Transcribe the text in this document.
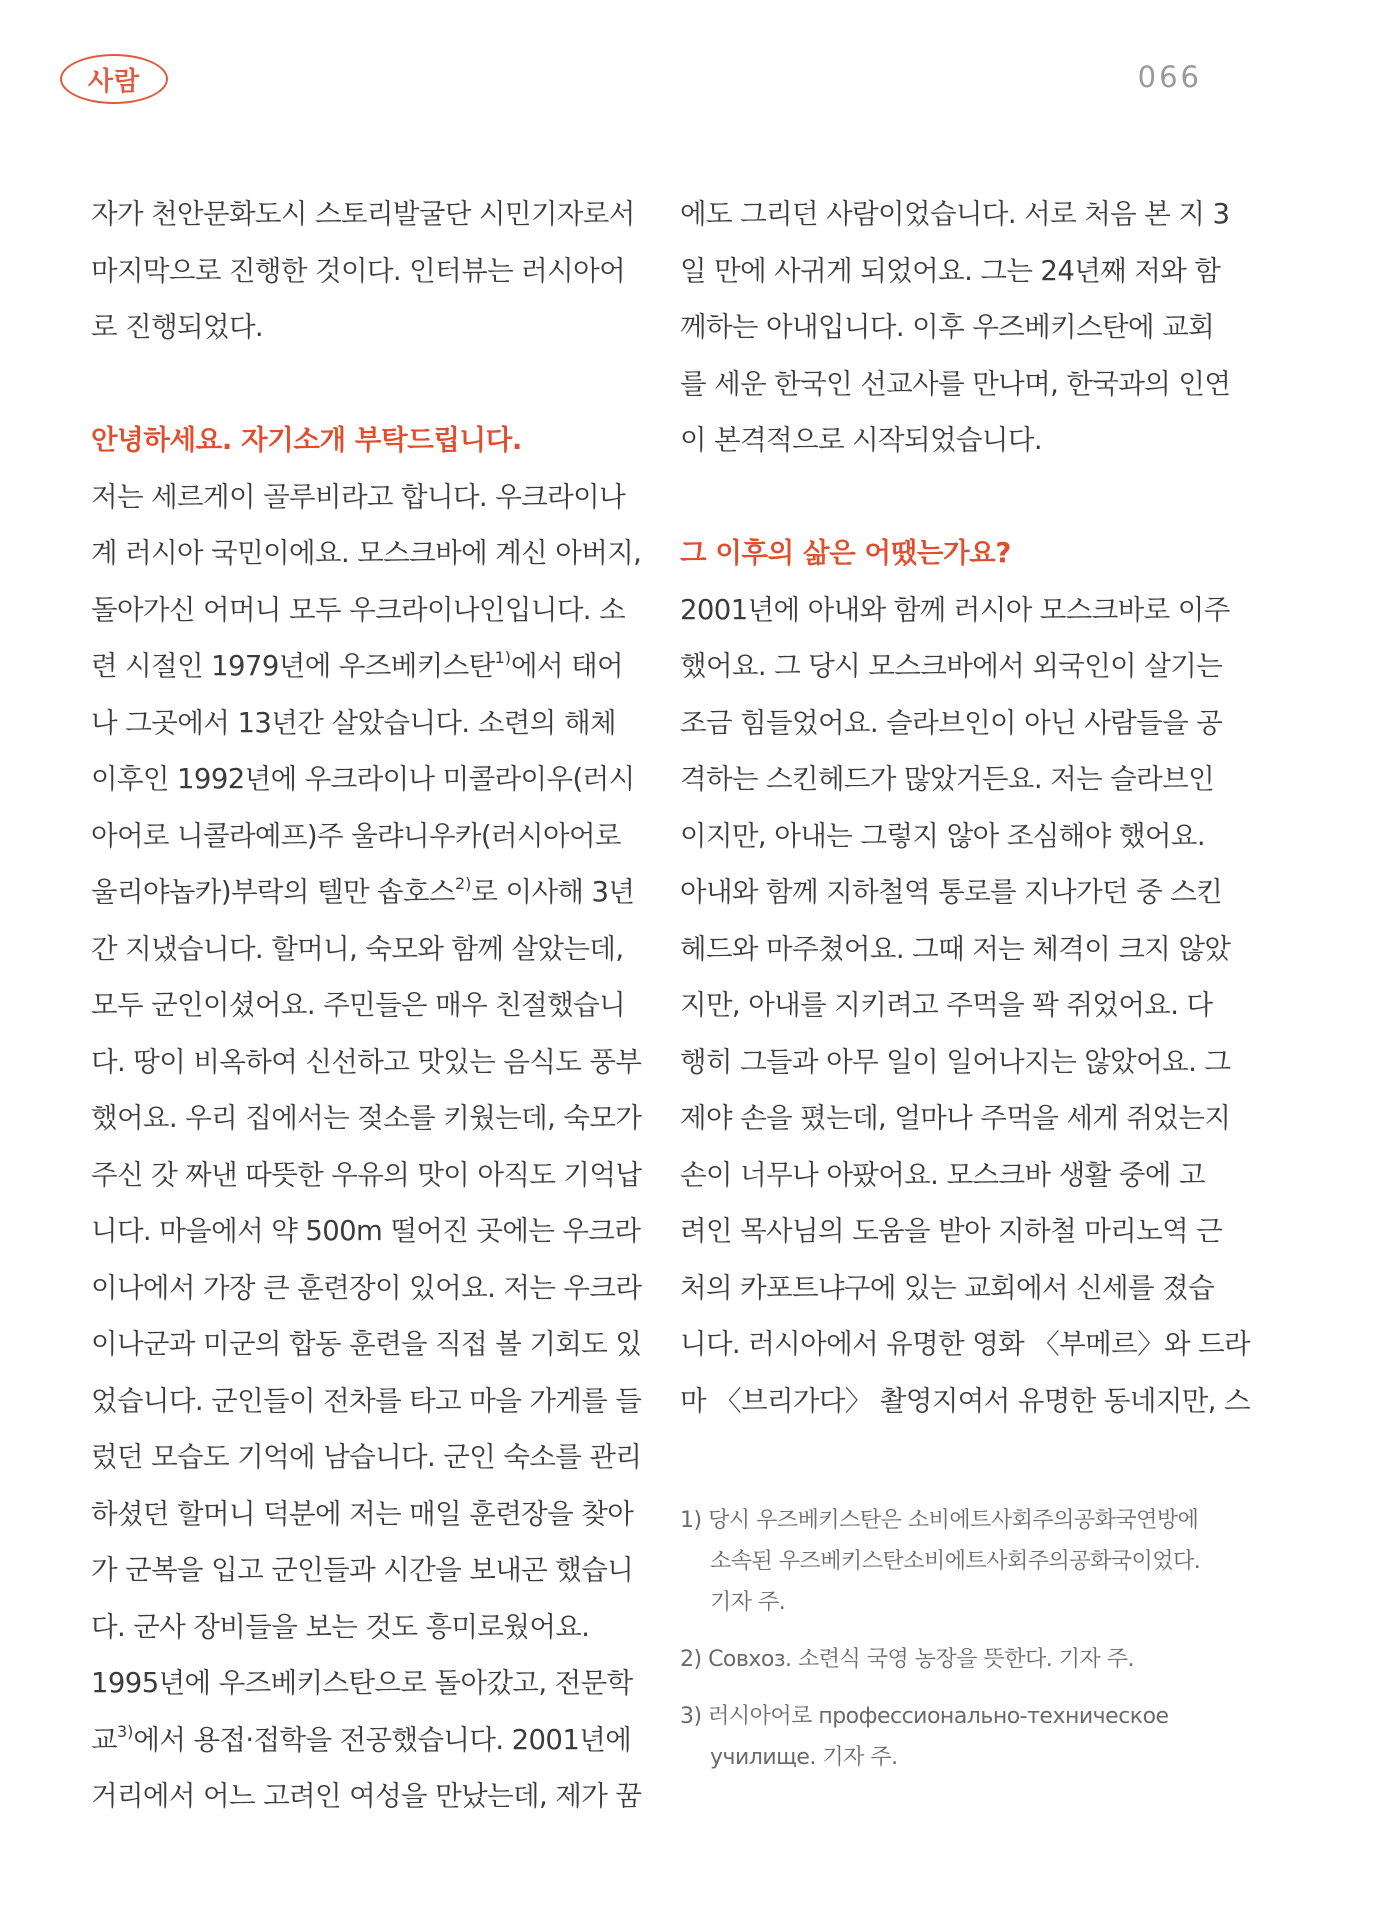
사람	066
자가 천안문화도시 스토리발굴단 시민기자로서
마지막으로 진행한 것이다. 인터뷰는 러시아어
로 진행되었다.

안녕하세요. 자기소개 부탁드립니다.
저는 세르게이 골루비라고 합니다. 우크라이나
계 러시아 국민이에요. 모스크바에 계신 아버지,
돌아가신 어머니 모두 우크라이나인입니다. 소
련 시절인 1979년에 우즈베키스탄$^{1)}$에서 태어
나 그곳에서 13년간 살았습니다. 소련의 해체
이후인 1992년에 우크라이나 미콜라이우(러시
아어로 니콜라예프)주 울랴니우카(러시아어로
울리야놉카)부락의 텔만 솝호스$^{2)}$로 이사해 3년
간 지냈습니다. 할머니, 숙모와 함께 살았는데,
모두 군인이셨어요. 주민들은 매우 친절했습니
다. 땅이 비옥하여 신선하고 맛있는 음식도 풍부
했어요. 우리 집에서는 젖소를 키웠는데, 숙모가
주신 갓 짜낸 따뜻한 우유의 맛이 아직도 기억납
니다. 마을에서 약 500m 떨어진 곳에는 우크라
이나에서 가장 큰 훈련장이 있어요. 저는 우크라
이나군과 미군의 합동 훈련을 직접 볼 기회도 있
었습니다. 군인들이 전차를 타고 마을 가게를 들
렀던 모습도 기억에 남습니다. 군인 숙소를 관리
하셨던 할머니 덕분에 저는 매일 훈련장을 찾아
가 군복을 입고 군인들과 시간을 보내곤 했습니
다. 군사 장비들을 보는 것도 흥미로웠어요.
1995년에 우즈베키스탄으로 돌아갔고, 전문학
교$^{3)}$에서 용접·접학을 전공했습니다. 2001년에
거리에서 어느 고려인 여성을 만났는데, 제가 꿈
에도 그리던 사람이었습니다. 서로 처음 본 지 3
일 만에 사귀게 되었어요. 그는 24년째 저와 함
께하는 아내입니다. 이후 우즈베키스탄에 교회
를 세운 한국인 선교사를 만나며, 한국과의 인연
이 본격적으로 시작되었습니다.

그 이후의 삶은 어땠는가요?
2001년에 아내와 함께 러시아 모스크바로 이주
했어요. 그 당시 모스크바에서 외국인이 살기는
조금 힘들었어요. 슬라브인이 아닌 사람들을 공
격하는 스킨헤드가 많았거든요. 저는 슬라브인
이지만, 아내는 그렇지 않아 조심해야 했어요.
아내와 함께 지하철역 통로를 지나가던 중 스킨
헤드와 마주쳤어요. 그때 저는 체격이 크지 않았
지만, 아내를 지키려고 주먹을 꽉 쥐었어요. 다
행히 그들과 아무 일이 일어나지는 않았어요. 그
제야 손을 폈는데, 얼마나 주먹을 세게 쥐었는지
손이 너무나 아팠어요. 모스크바 생활 중에 고
려인 목사님의 도움을 받아 지하철 마리노역 근
처의 카포트냐구에 있는 교회에서 신세를 졌습
니다. 러시아에서 유명한 영화 〈부메르〉와 드라
마 〈브리가다〉 촬영지여서 유명한 동네지만, 스
1) 당시 우즈베키스탄은 소비에트사회주의공화국연방에
소속된 우즈베키스탄소비에트사회주의공화국이었다.
기자 주.
2) Совхоз. 소련식 국영 농장을 뜻한다. 기자 주.
3) 러시아어로 профессионально-техническое
училище. 기자 주.
